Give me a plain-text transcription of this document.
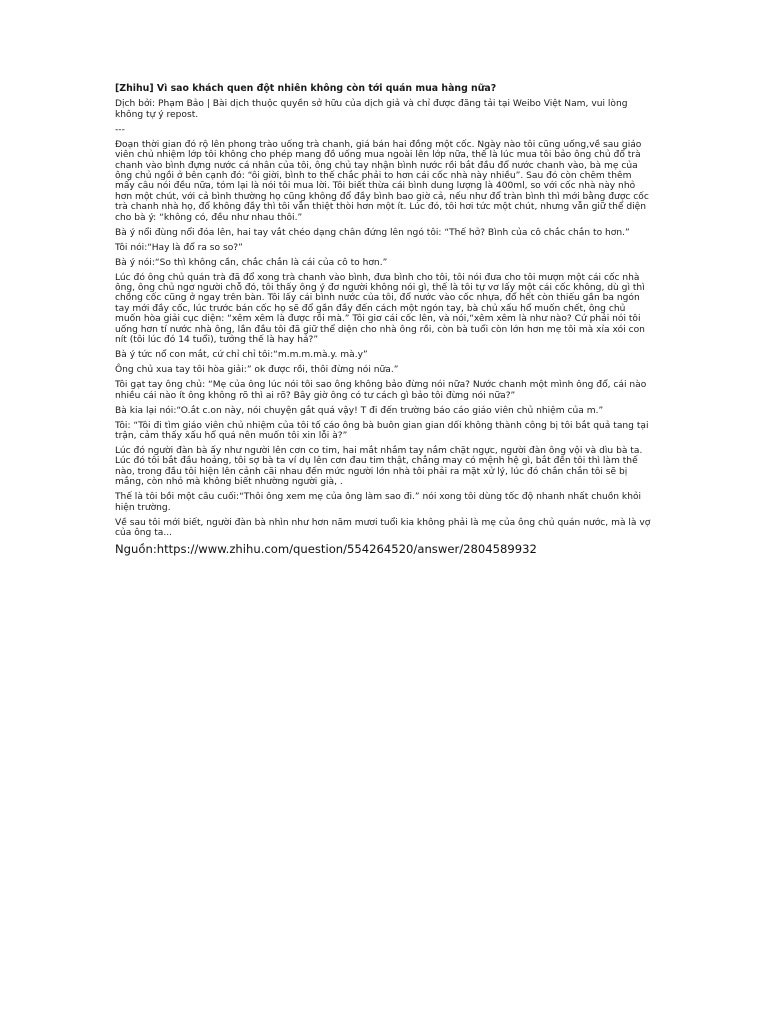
[Zhihu] Vì sao khách quen đột nhiên không còn tới quán mua hàng nữa?

Dịch bởi: Phạm Bảo | Bài dịch thuộc quyền sở hữu của dịch giả và chỉ được đăng tải tại Weibo Việt Nam, vui lòng không tự ý repost.

---

Đoạn thời gian đó rộ lên phong trào uống trà chanh, giá bán hai đồng một cốc. Ngày nào tôi cũng uống,về sau giáo viên chủ nhiệm lớp tôi không cho phép mang đồ uống mua ngoài lên lớp nữa, thế là lúc mua tôi bảo ông chủ đổ trà chanh vào bình đựng nước cá nhân của tôi, ông chủ tay nhận bình nước rồi bắt đầu đổ nước chanh vào, bà mẹ của ông chủ ngồi ở bên cạnh đó: “ôi giời, bình to thế chắc phải to hơn cái cốc nhà này nhiều”. Sau đó còn chêm thêm mấy câu nói đều nữa, tóm lại là nói tôi mua lời. Tôi biết thừa cái bình dung lượng là 400ml, so với cốc nhà này nhỏ hơn một chút, với cả bình thường họ cũng không đổ đầy bình bao giờ cả, nếu như đổ tràn bình thì mới bằng được cốc trà chanh nhà họ, đổ không đầy thì tôi vẫn thiệt thòi hơn một ít. Lúc đó, tôi hơi tức một chút, nhưng vẫn giữ thể diện cho bà ý: “không có, đều như nhau thôi.”

Bà ý nổi đùng nổi đóa lên, hai tay vắt chéo dạng chân đứng lên ngó tôi: “Thế hở? Bình của cô chắc chắn to hơn.”

Tôi nói:“Hay là đổ ra so so?”

Bà ý nói:“So thì không cần, chắc chắn là cái của cô to hơn.”

Lúc đó ông chủ quán trà đã đổ xong trà chanh vào bình, đưa bình cho tôi, tôi nói đưa cho tôi mượn một cái cốc nhà ông, ông chủ ngơ người chỗ đó, tôi thấy ông ý đơ người không nói gì, thế là tôi tự vơ lấy một cái cốc không, dù gì thì chồng cốc cũng ở ngay trên bàn. Tôi lấy cái bình nước của tôi, đổ nước vào cốc nhựa, đổ hết còn thiếu gần ba ngón tay mới đầy cốc, lúc trước bán cốc họ sẽ đổ gần đầy đến cách một ngón tay, bà chủ xấu hổ muốn chết, ông chủ muốn hòa giải cục diện: “xêm xêm là được rồi mà.” Tôi giơ cái cốc lên, và nói,“xêm xêm là như nào? Cứ phải nói tôi uống hơn tí nước nhà ông, lần đầu tôi đã giữ thể diện cho nhà ông rồi, còn bà tuổi còn lớn hơn mẹ tôi mà xỉa xói con nít (tôi lúc đó 14 tuổi), tưởng thế là hay hả?”

Bà ý tức nổ con mắt, cứ chỉ chỉ tôi:“m.m.m.mà.y. mà.y”

Ông chủ xua tay tôi hòa giải:” ok được rồi, thôi đừng nói nữa.”

Tôi gạt tay ông chủ: “Mẹ của ông lúc nói tôi sao ông không bảo đừng nói nữa? Nước chanh một mình ông đổ, cái nào nhiều cái nào ít ông không rõ thì ai rõ? Bây giờ ông có tư cách gì bảo tôi đừng nói nữa?”

Bà kia lại nói:“O.ắt c.on này, nói chuyện gắt quá vậy! T đi đến trường báo cáo giáo viên chủ nhiệm của m.”

Tôi: “Tôi đi tìm giáo viên chủ nhiệm của tôi tố cáo ông bà buôn gian gian dối không thành công bị tôi bắt quả tang tại trận, cảm thấy xấu hổ quá nên muốn tôi xin lỗi à?”

Lúc đó người đàn bà ấy như người lên cơn co tim, hai mắt nhắm tay nắm chặt ngực, người đàn ông vội và dìu bà ta. Lúc đó tôi bắt đầu hoảng, tôi sợ bà ta ví dụ lên cơn đau tim thật, chẳng may có mệnh hệ gì, bắt đền tôi thì làm thế nào, trong đầu tôi hiện lên cảnh cãi nhau đến mức người lớn nhà tôi phải ra mặt xử lý, lúc đó chắn chắn tôi sẽ bị mắng, còn nhỏ mà không biết nhường người già, .

Thế là tôi bồi một câu cuối:“Thôi ông xem mẹ của ông làm sao đi.” nói xong tôi dùng tốc độ nhanh nhất chuồn khỏi hiện trường.

Về sau tôi mới biết, người đàn bà nhìn như hơn năm mươi tuổi kia không phải là mẹ của ông chủ quán nước, mà là vợ của ông ta...

Nguồn:https://www.zhihu.com/question/554264520/answer/2804589932
